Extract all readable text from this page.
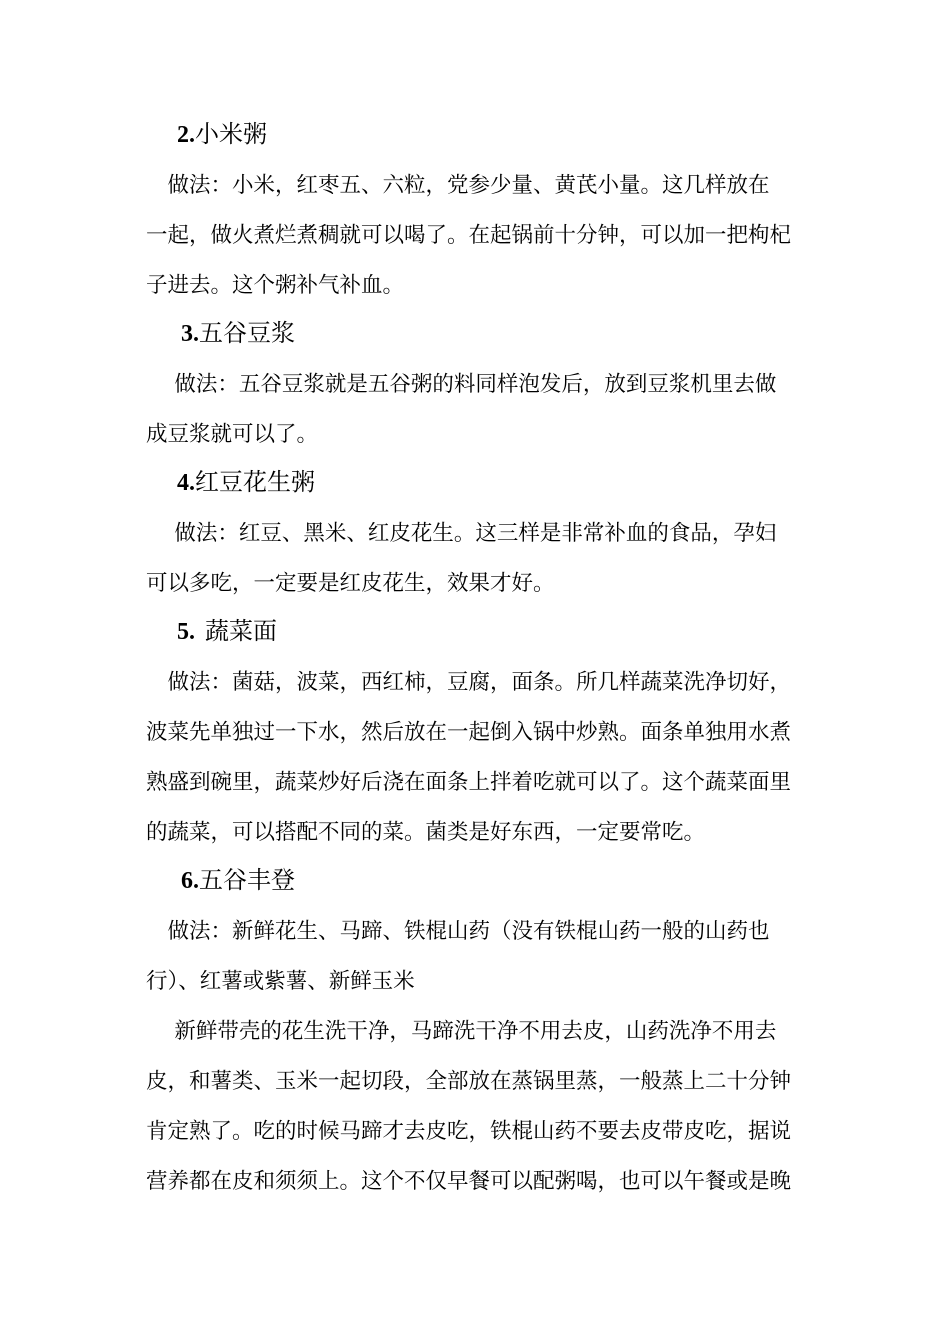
2.小米粥
　做法：小米，红枣五、六粒，党参少量、黄芪小量。这几样放在
一起，做火煮烂煮稠就可以喝了。在起锅前十分钟，可以加一把枸杞
子进去。这个粥补气补血。
3.五谷豆浆
　 做法：五谷豆浆就是五谷粥的料同样泡发后，放到豆浆机里去做
成豆浆就可以了。
4.红豆花生粥
　 做法：红豆、黑米、红皮花生。这三样是非常补血的食品，孕妇
可以多吃，一定要是红皮花生，效果才好。
5. 蔬菜面
　做法：菌菇，波菜，西红柿，豆腐，面条。所几样蔬菜洗净切好，
波菜先单独过一下水，然后放在一起倒入锅中炒熟。面条单独用水煮
熟盛到碗里，蔬菜炒好后浇在面条上拌着吃就可以了。这个蔬菜面里
的蔬菜，可以搭配不同的菜。菌类是好东西，一定要常吃。
6.五谷丰登
　做法：新鲜花生、马蹄、铁棍山药（没有铁棍山药一般的山药也
行）、红薯或紫薯、新鲜玉米
　 新鲜带壳的花生洗干净，马蹄洗干净不用去皮，山药洗净不用去
皮，和薯类、玉米一起切段，全部放在蒸锅里蒸，一般蒸上二十分钟
肯定熟了。吃的时候马蹄才去皮吃，铁棍山药不要去皮带皮吃，据说
营养都在皮和须须上。这个不仅早餐可以配粥喝，也可以午餐或是晚
